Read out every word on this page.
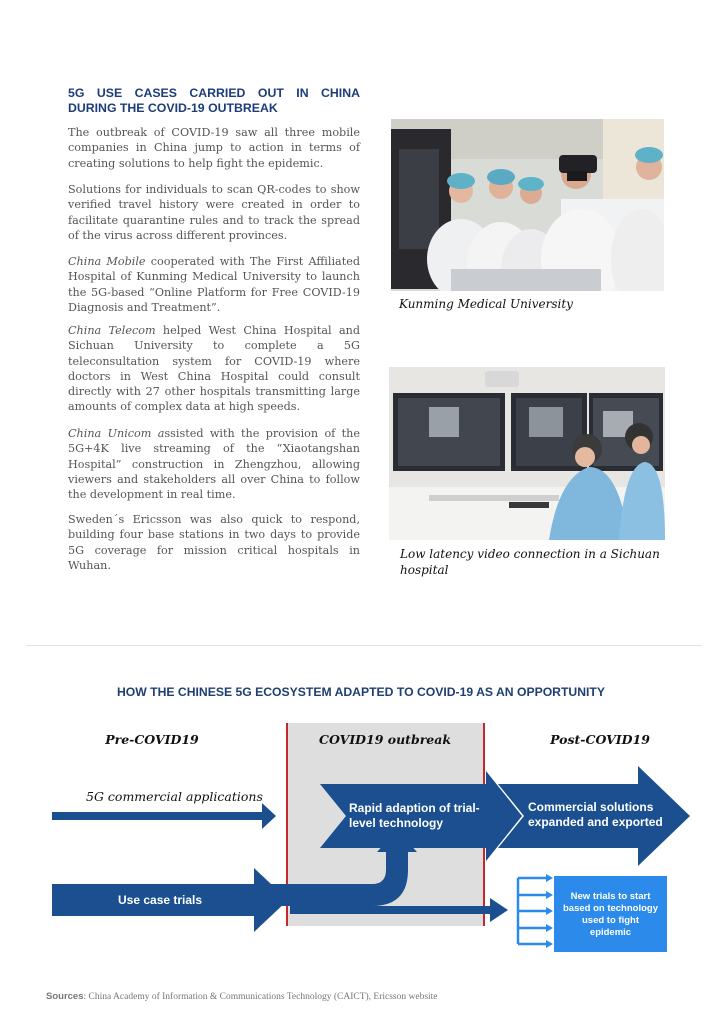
5G USE CASES CARRIED OUT IN CHINA
DURING THE COVID-19 OUTBREAK

The outbreak of COVID-19 saw all three mobile companies in China jump to action in terms of creating solutions to help fight the epidemic.

Solutions for individuals to scan QR-codes to show verified travel history were created in order to facilitate quarantine rules and to track the spread of the virus across different provinces.

China Mobile cooperated with The First Affiliated Hospital of Kunming Medical University to launch the 5G-based “Online Platform for Free COVID-19 Diagnosis and Treatment”.

China Telecom helped West China Hospital and Sichuan University to complete a 5G teleconsultation system for COVID-19 where doctors in West China Hospital could consult directly with 27 other hospitals transmitting large amounts of complex data at high speeds.

China Unicom assisted with the provision of the 5G+4K live streaming of the “Xiaotangshan Hospital” construction in Zhengzhou, allowing viewers and stakeholders all over China to follow the development in real time.

Sweden´s Ericsson was also quick to respond, building four base stations in two days to provide 5G coverage for mission critical hospitals in Wuhan.

Kunming Medical University
Low latency video connection in a Sichuan
hospital
HOW THE CHINESE 5G ECOSYSTEM ADAPTED TO COVID-19 AS AN OPPORTUNITY
Pre-COVID19	COVID19 outbreak	Post-COVID19
5G commercial applications
Rapid adaption of trial-
level technology
Commercial solutions
expanded and exported
Use case trials	New trials to start
based on technology
used to fight
epidemic
Sources: China Academy of Information & Communications Technology (CAICT), Ericsson website
